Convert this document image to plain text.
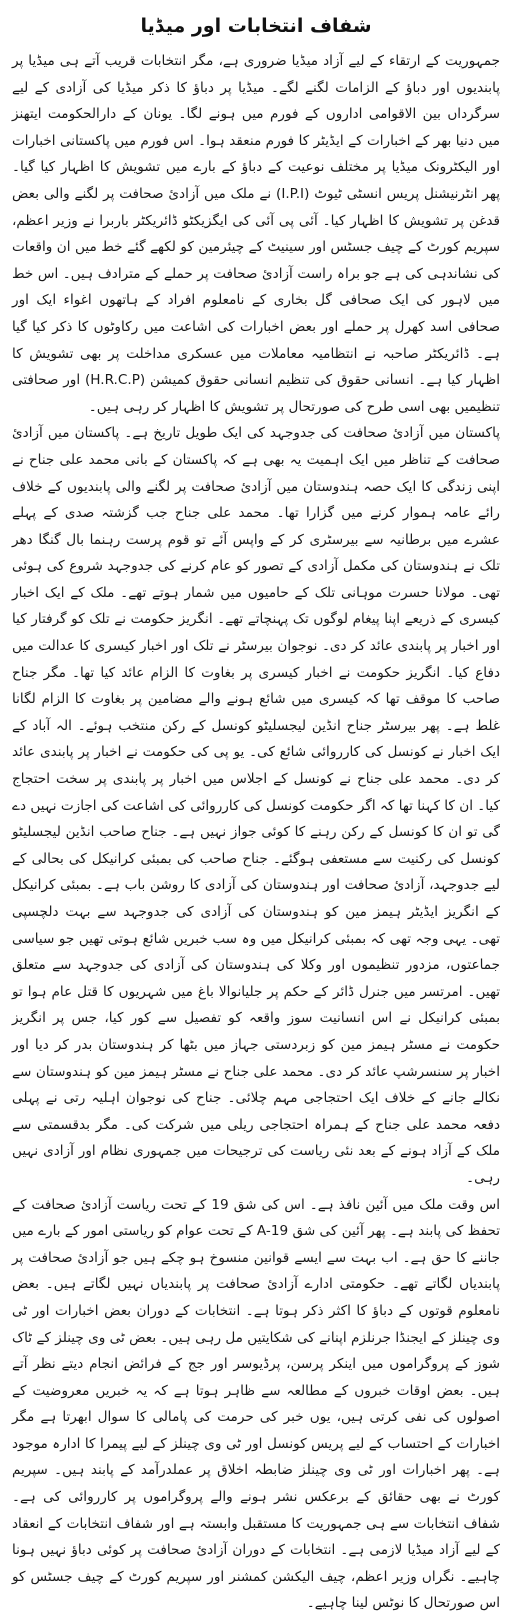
شفاف انتخابات اور میڈیا

جمہوریت کے ارتقاء کے لیے آزاد میڈیا ضروری ہے، مگر انتخابات قریب آتے ہی میڈیا پر پابندیوں اور دباؤ کے الزامات لگنے لگے۔ میڈیا پر دباؤ کا ذکر میڈیا کی آزادی کے لیے سرگرداں بین الاقوامی اداروں کے فورم میں ہونے لگا۔ یونان کے دارالحکومت ایتھنز میں دنیا بھر کے اخبارات کے ایڈیٹر کا فورم منعقد ہوا۔ اس فورم میں پاکستانی اخبارات اور الیکٹرونک میڈیا پر مختلف نوعیت کے دباؤ کے بارے میں تشویش کا اظہار کیا گیا۔ پھر انٹرنیشنل پریس انسٹی ٹیوٹ (I.P.I) نے ملک میں آزادئ صحافت پر لگنے والی بعض قدغن پر تشویش کا اظہار کیا۔ آئی پی آئی کی ایگزیکٹو ڈائریکٹر باربرا نے وزیر اعظم، سپریم کورٹ کے چیف جسٹس اور سینیٹ کے چیئرمین کو لکھے گئے خط میں ان واقعات کی نشاندہی کی ہے جو براہ راست آزادئ صحافت پر حملے کے مترادف ہیں۔ اس خط میں لاہور کی ایک صحافی گل بخاری کے نامعلوم افراد کے ہاتھوں اغواء ایک اور صحافی اسد کھرل پر حملے اور بعض اخبارات کی اشاعت میں رکاوٹوں کا ذکر کیا گیا ہے۔ ڈائریکٹر صاحبہ نے انتظامیہ معاملات میں عسکری مداخلت پر بھی تشویش کا اظہار کیا ہے۔ انسانی حقوق کی تنظیم انسانی حقوق کمیشن (H.R.C.P) اور صحافتی تنظیمیں بھی اسی طرح کی صورتحال پر تشویش کا اظہار کر رہی ہیں۔

پاکستان میں آزادئ صحافت کی جدوجہد کی ایک طویل تاریخ ہے۔ پاکستان میں آزادئ صحافت کے تناظر میں ایک اہمیت یہ بھی ہے کہ پاکستان کے بانی محمد علی جناح نے اپنی زندگی کا ایک حصہ ہندوستان میں آزادئ صحافت پر لگنے والی پابندیوں کے خلاف رائے عامہ ہموار کرنے میں گزارا تھا۔ محمد علی جناح جب گزشتہ صدی کے پہلے عشرے میں برطانیہ سے بیرسٹری کر کے واپس آئے تو قوم پرست رہنما بال گنگا دھر تلک نے ہندوستان کی مکمل آزادی کے تصور کو عام کرنے کی جدوجہد شروع کی ہوئی تھی۔ مولانا حسرت موہانی تلک کے حامیوں میں شمار ہوتے تھے۔ ملک کے ایک اخبار کیسری کے ذریعے اپنا پیغام لوگوں تک پہنچاتے تھے۔ انگریز حکومت نے تلک کو گرفتار کیا اور اخبار پر پابندی عائد کر دی۔ نوجوان بیرسٹر نے تلک اور اخبار کیسری کا عدالت میں دفاع کیا۔ انگریز حکومت نے اخبار کیسری پر بغاوت کا الزام عائد کیا تھا۔ مگر جناح صاحب کا موقف تھا کہ کیسری میں شائع ہونے والے مضامین پر بغاوت کا الزام لگانا غلط ہے۔ پھر بیرسٹر جناح انڈین لیجسلیٹو کونسل کے رکن منتخب ہوئے۔ الہ آباد کے ایک اخبار نے کونسل کی کارروائی شائع کی۔ یو پی کی حکومت نے اخبار پر پابندی عائد کر دی۔ محمد علی جناح نے کونسل کے اجلاس میں اخبار پر پابندی پر سخت احتجاج کیا۔ ان کا کہنا تھا کہ اگر حکومت کونسل کی کارروائی کی اشاعت کی اجازت نہیں دے گی تو ان کا کونسل کے رکن رہنے کا کوئی جواز نہیں ہے۔ جناح صاحب انڈین لیجسلیٹو کونسل کی رکنیت سے مستعفی ہوگئے۔ جناح صاحب کی بمبئی کرانیکل کی بحالی کے لیے جدوجہد، آزادئ صحافت اور ہندوستان کی آزادی کا روشن باب ہے۔ بمبئی کرانیکل کے انگریز ایڈیٹر ہیمز مین کو ہندوستان کی آزادی کی جدوجہد سے بہت دلچسپی تھی۔ یہی وجہ تھی کہ بمبئی کرانیکل میں وہ سب خبریں شائع ہوتی تھیں جو سیاسی جماعتوں، مزدور تنظیموں اور وکلا کی ہندوستان کی آزادی کی جدوجہد سے متعلق تھیں۔ امرتسر میں جنرل ڈائر کے حکم پر جلیانوالا باغ میں شہریوں کا قتل عام ہوا تو بمبئی کرانیکل نے اس انسانیت سوز واقعہ کو تفصیل سے کور کیا، جس پر انگریز حکومت نے مسٹر ہیمز مین کو زبردستی جہاز میں بٹھا کر ہندوستان بدر کر دیا اور اخبار پر سنسرشپ عائد کر دی۔ محمد علی جناح نے مسٹر ہیمز مین کو ہندوستان سے نکالے جانے کے خلاف ایک احتجاجی مہم چلائی۔ جناح کی نوجوان اہلیہ رتی نے پہلی دفعہ محمد علی جناح کے ہمراہ احتجاجی ریلی میں شرکت کی۔ مگر بدقسمتی سے ملک کے آزاد ہونے کے بعد نئی ریاست کی ترجیحات میں جمہوری نظام اور آزادی نہیں رہی۔

اس وقت ملک میں آئین نافذ ہے۔ اس کی شق 19 کے تحت ریاست آزادئ صحافت کے تحفظ کی پابند ہے۔ پھر آئین کی شق A-19 کے تحت عوام کو ریاستی امور کے بارے میں جاننے کا حق ہے۔ اب بہت سے ایسے قوانین منسوخ ہو چکے ہیں جو آزادئ صحافت پر پابندیاں لگاتے تھے۔ حکومتی ادارے آزادئ صحافت پر پابندیاں نہیں لگاتے ہیں۔ بعض نامعلوم قوتوں کے دباؤ کا اکثر ذکر ہوتا ہے۔ انتخابات کے دوران بعض اخبارات اور ٹی وی چینلز کے ایجنڈا جرنلزم اپنانے کی شکایتیں مل رہی ہیں۔ بعض ٹی وی چینلز کے ٹاک شوز کے پروگراموں میں اینکر پرسن، پرڈیوسر اور جج کے فرائض انجام دیتے نظر آتے ہیں۔ بعض اوقات خبروں کے مطالعہ سے ظاہر ہوتا ہے کہ یہ خبریں معروضیت کے اصولوں کی نفی کرتی ہیں، یوں خبر کی حرمت کی پامالی کا سوال ابھرتا ہے مگر اخبارات کے احتساب کے لیے پریس کونسل اور ٹی وی چینلز کے لیے پیمرا کا ادارہ موجود ہے۔ پھر اخبارات اور ٹی وی چینلز ضابطہ اخلاق پر عملدرآمد کے پابند ہیں۔ سپریم کورٹ نے بھی حقائق کے برعکس نشر ہونے والے پروگراموں پر کارروائی کی ہے۔ شفاف انتخابات سے ہی جمہوریت کا مستقبل وابستہ ہے اور شفاف انتخابات کے انعقاد کے لیے آزاد میڈیا لازمی ہے۔ انتخابات کے دوران آزادئ صحافت پر کوئی دباؤ نہیں ہونا چاہیے۔ نگراں وزیر اعظم، چیف الیکشن کمشنر اور سپریم کورٹ کے چیف جسٹس کو اس صورتحال کا نوٹس لینا چاہیے۔
